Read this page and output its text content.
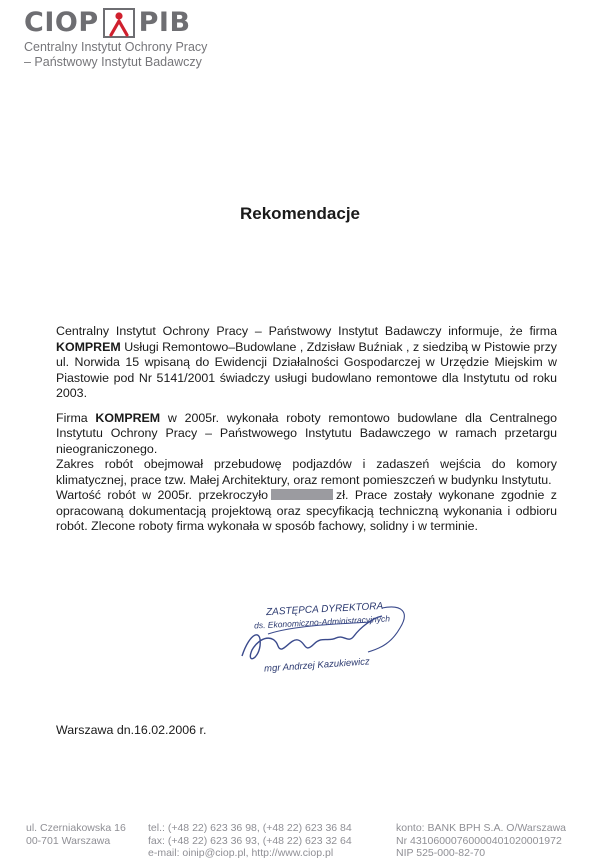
CIOP PIB
Centralny Instytut Ochrony Pracy
– Państwowy Instytut Badawczy
Rekomendacje

Centralny Instytut Ochrony Pracy – Państwowy Instytut Badawczy informuje, że firma KOMPREM Usługi Remontowo–Budowlane , Zdzisław Buźniak , z siedzibą w Pistowie przy ul. Norwida 15 wpisaną do Ewidencji Działalności Gospodarczej w Urzędzie Miejskim w Piastowie pod Nr 5141/2001 świadczy usługi budowlano remontowe dla Instytutu od roku 2003.

Firma KOMPREM w 2005r. wykonała roboty remontowo budowlane dla Centralnego Instytutu Ochrony Pracy – Państwowego Instytutu Badawczego w ramach przetargu nieograniczonego.

Zakres robót obejmował przebudowę podjazdów i zadaszeń wejścia do komory klimatycznej, prace tzw. Małej Architektury, oraz remont pomieszczeń w budynku Instytutu.

Wartość robót w 2005r. przekroczyło	zł. Prace zostały wykonane zgodnie z opracowaną dokumentacją projektową oraz specyfikacją techniczną wykonania i odbioru robót. Zlecone roboty firma wykonała w sposób fachowy, solidny i w terminie.

ZASTĘPCA DYREKTORA
ds. Ekonomiczno-Administracyjnych
mgr Andrzej Kazukiewicz
Warszawa dn.16.02.2006 r.
ul. Czerniakowska 16
00-701 Warszawa
tel.: (+48 22) 623 36 98, (+48 22) 623 36 84
fax: (+48 22) 623 36 93, (+48 22) 623 32 64
e-mail: oinip@ciop.pl, http://www.ciop.pl
konto: BANK BPH S.A. O/Warszawa
Nr 43106000760000401020001972
NIP 525-000-82-70
